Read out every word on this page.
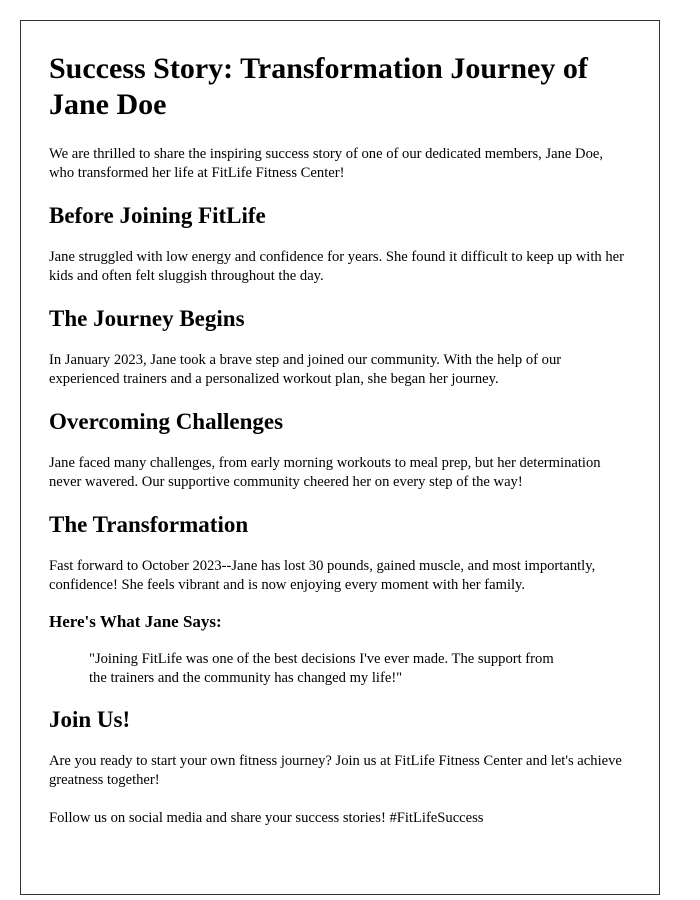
Success Story: Transformation Journey of Jane Doe

We are thrilled to share the inspiring success story of one of our dedicated members, Jane Doe, who transformed her life at FitLife Fitness Center!

Before Joining FitLife

Jane struggled with low energy and confidence for years. She found it difficult to keep up with her kids and often felt sluggish throughout the day.

The Journey Begins

In January 2023, Jane took a brave step and joined our community. With the help of our experienced trainers and a personalized workout plan, she began her journey.

Overcoming Challenges

Jane faced many challenges, from early morning workouts to meal prep, but her determination never wavered. Our supportive community cheered her on every step of the way!

The Transformation

Fast forward to October 2023--Jane has lost 30 pounds, gained muscle, and most importantly, confidence! She feels vibrant and is now enjoying every moment with her family.

Here's What Jane Says:
"Joining FitLife was one of the best decisions I've ever made. The support from the trainers and the community has changed my life!"
Join Us!

Are you ready to start your own fitness journey? Join us at FitLife Fitness Center and let's achieve greatness together!

Follow us on social media and share your success stories! #FitLifeSuccess
